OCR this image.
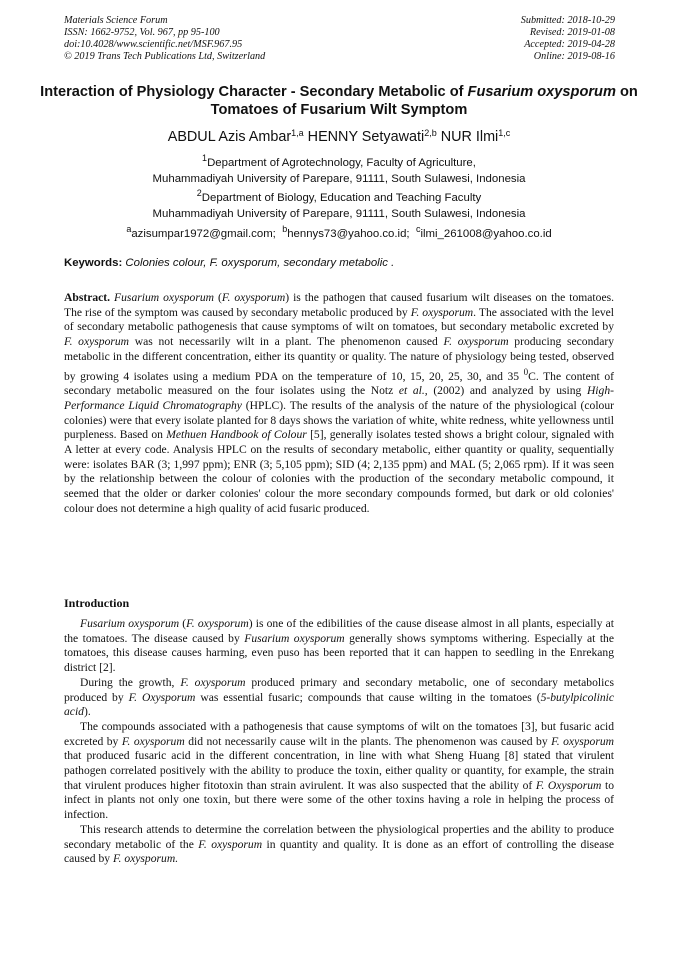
Materials Science Forum
ISSN: 1662-9752, Vol. 967, pp 95-100
doi:10.4028/www.scientific.net/MSF.967.95
© 2019 Trans Tech Publications Ltd, Switzerland
Submitted: 2018-10-29
Revised: 2019-01-08
Accepted: 2019-04-28
Online: 2019-08-16
Interaction of Physiology Character - Secondary Metabolic of Fusarium oxysporum on Tomatoes of Fusarium Wilt Symptom
ABDUL Azis Ambar$^{1,a}$ HENNY Setyawati$^{2,b}$ NUR Ilmi$^{1,c}$
$^1$Department of Agrotechnology, Faculty of Agriculture,
Muhammadiyah University of Parepare, 91111, South Sulawesi, Indonesia
$^2$Department of Biology, Education and Teaching Faculty
Muhammadiyah University of Parepare, 91111, South Sulawesi, Indonesia
$^a$azisumpar1972@gmail.com; $^b$hennys73@yahoo.co.id; $^c$ilmi_261008@yahoo.co.id
Keywords: Colonies colour, F. oxysporum, secondary metabolic .
Abstract. Fusarium oxysporum (F. oxysporum) is the pathogen that caused fusarium wilt diseases on the tomatoes. The rise of the symptom was caused by secondary metabolic produced by F. oxysporum. The associated with the level of secondary metabolic pathogenesis that cause symptoms of wilt on tomatoes, but secondary metabolic excreted by F. oxysporum was not necessarily wilt in a plant. The phenomenon caused F. oxysporum producing secondary metabolic in the different concentration, either its quantity or quality. The nature of physiology being tested, observed by growing 4 isolates using a medium PDA on the temperature of 10, 15, 20, 25, 30, and 35 $^0$C. The content of secondary metabolic measured on the four isolates using the Notz et al., (2002) and analyzed by using High-Performance Liquid Chromatography (HPLC). The results of the analysis of the nature of the physiological (colour colonies) were that every isolate planted for 8 days shows the variation of white, white redness, white yellowness until purpleness. Based on Methuen Handbook of Colour [5], generally isolates tested shows a bright colour, signaled with A letter at every code. Analysis HPLC on the results of secondary metabolic, either quantity or quality, sequentially were: isolates BAR (3; 1,997 ppm); ENR (3; 5,105 ppm); SID (4; 2,135 ppm) and MAL (5; 2,065 rpm). If it was seen by the relationship between the colour of colonies with the production of the secondary metabolic compound, it seemed that the older or darker colonies' colour the more secondary compounds formed, but dark or old colonies' colour does not determine a high quality of acid fusaric produced.
Introduction

Fusarium oxysporum (F. oxysporum) is one of the edibilities of the cause disease almost in all plants, especially at the tomatoes. The disease caused by Fusarium oxysporum generally shows symptoms withering. Especially at the tomatoes, this disease causes harming, even puso has been reported that it can happen to seedling in the Enrekang district [2].

During the growth, F. oxysporum produced primary and secondary metabolic, one of secondary metabolics produced by F. Oxysporum was essential fusaric; compounds that cause wilting in the tomatoes (5-butylpicolinic acid).

The compounds associated with a pathogenesis that cause symptoms of wilt on the tomatoes [3], but fusaric acid excreted by F. oxysporum did not necessarily cause wilt in the plants. The phenomenon was caused by F. oxysporum that produced fusaric acid in the different concentration, in line with what Sheng Huang [8] stated that virulent pathogen correlated positively with the ability to produce the toxin, either quality or quantity, for example, the strain that virulent produces higher fitotoxin than strain avirulent. It was also suspected that the ability of F. Oxysporum to infect in plants not only one toxin, but there were some of the other toxins having a role in helping the process of infection.

This research attends to determine the correlation between the physiological properties and the ability to produce secondary metabolic of the F. oxysporum in quantity and quality. It is done as an effort of controlling the disease caused by F. oxysporum.
